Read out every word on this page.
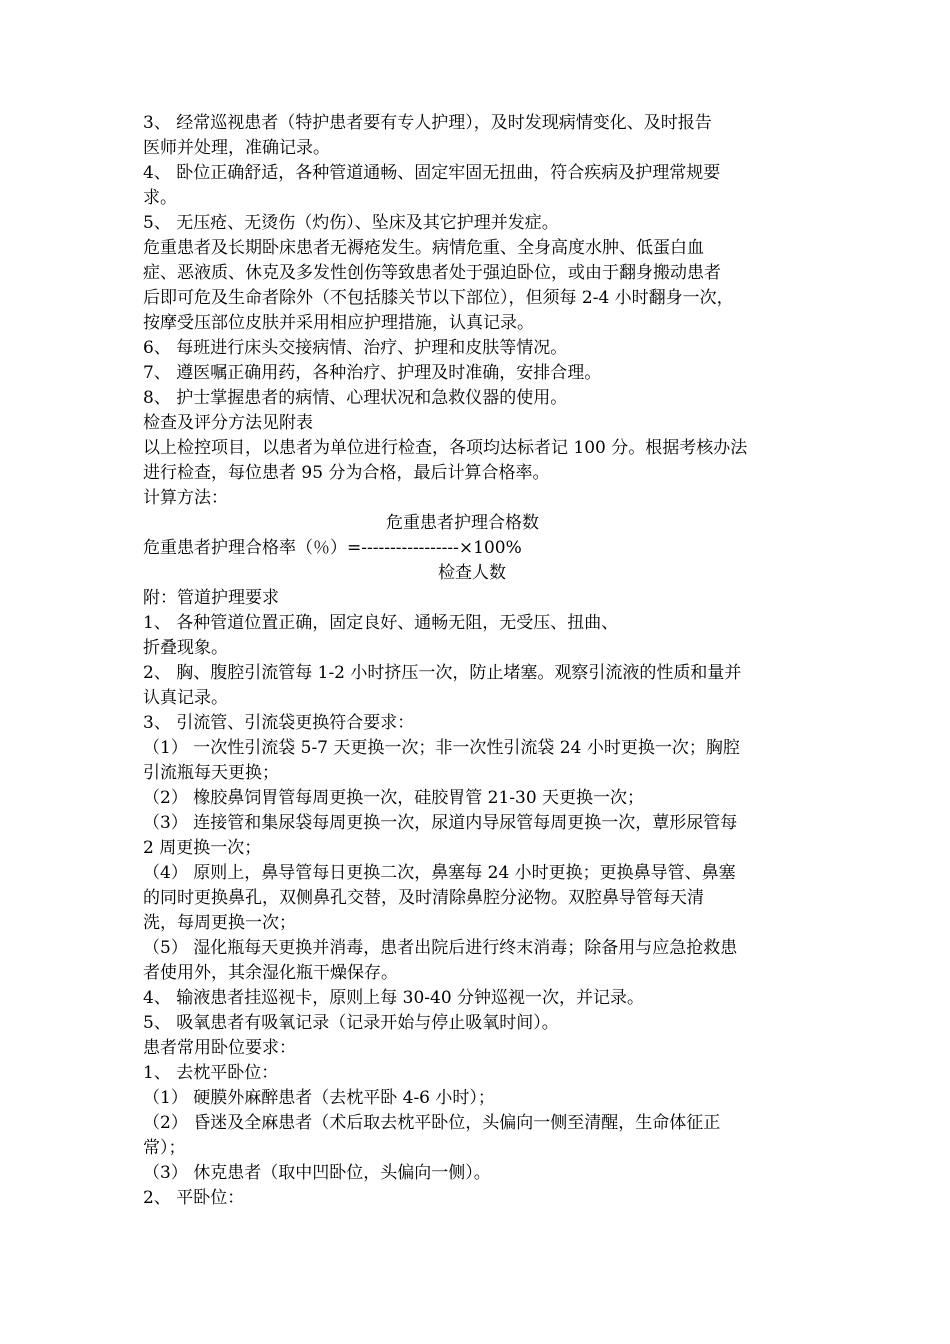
3、 经常巡视患者（特护患者要有专人护理），及时发现病情变化、及时报告
医师并处理，准确记录。
4、 卧位正确舒适，各种管道通畅、固定牢固无扭曲，符合疾病及护理常规要
求。
5、 无压疮、无烫伤（灼伤）、坠床及其它护理并发症。
危重患者及长期卧床患者无褥疮发生。病情危重、全身高度水肿、低蛋白血
症、恶液质、休克及多发性创伤等致患者处于强迫卧位，或由于翻身搬动患者
后即可危及生命者除外（不包括膝关节以下部位），但须每 2-4 小时翻身一次，
按摩受压部位皮肤并采用相应护理措施，认真记录。
6、 每班进行床头交接病情、治疗、护理和皮肤等情况。
7、 遵医嘱正确用药，各种治疗、护理及时准确，安排合理。
8、 护士掌握患者的病情、心理状况和急救仪器的使用。
检查及评分方法见附表
以上检控项目，以患者为单位进行检查，各项均达标者记 100 分。根据考核办法
进行检查，每位患者 95 分为合格，最后计算合格率。
计算方法：
危重患者护理合格数
危重患者护理合格率（％）=-----------------×100%
检查人数
附：管道护理要求
1、 各种管道位置正确，固定良好、通畅无阻，无受压、扭曲、
折叠现象。
2、 胸、腹腔引流管每 1-2 小时挤压一次，防止堵塞。观察引流液的性质和量并
认真记录。
3、 引流管、引流袋更换符合要求：
（1） 一次性引流袋 5-7 天更换一次；非一次性引流袋 24 小时更换一次；胸腔
引流瓶每天更换；
（2） 橡胶鼻饲胃管每周更换一次，硅胶胃管 21-30 天更换一次；
（3） 连接管和集尿袋每周更换一次，尿道内导尿管每周更换一次，蕈形尿管每
2 周更换一次；
（4） 原则上，鼻导管每日更换二次，鼻塞每 24 小时更换；更换鼻导管、鼻塞
的同时更换鼻孔，双侧鼻孔交替，及时清除鼻腔分泌物。双腔鼻导管每天清
洗，每周更换一次；
（5） 湿化瓶每天更换并消毒，患者出院后进行终末消毒；除备用与应急抢救患
者使用外，其余湿化瓶干燥保存。
4、 输液患者挂巡视卡，原则上每 30-40 分钟巡视一次，并记录。
5、 吸氧患者有吸氧记录（记录开始与停止吸氧时间）。
患者常用卧位要求：
1、 去枕平卧位：
（1） 硬膜外麻醉患者（去枕平卧 4-6 小时）；
（2） 昏迷及全麻患者（术后取去枕平卧位，头偏向一侧至清醒，生命体征正
常）；
（3） 休克患者（取中凹卧位，头偏向一侧）。
2、 平卧位：
